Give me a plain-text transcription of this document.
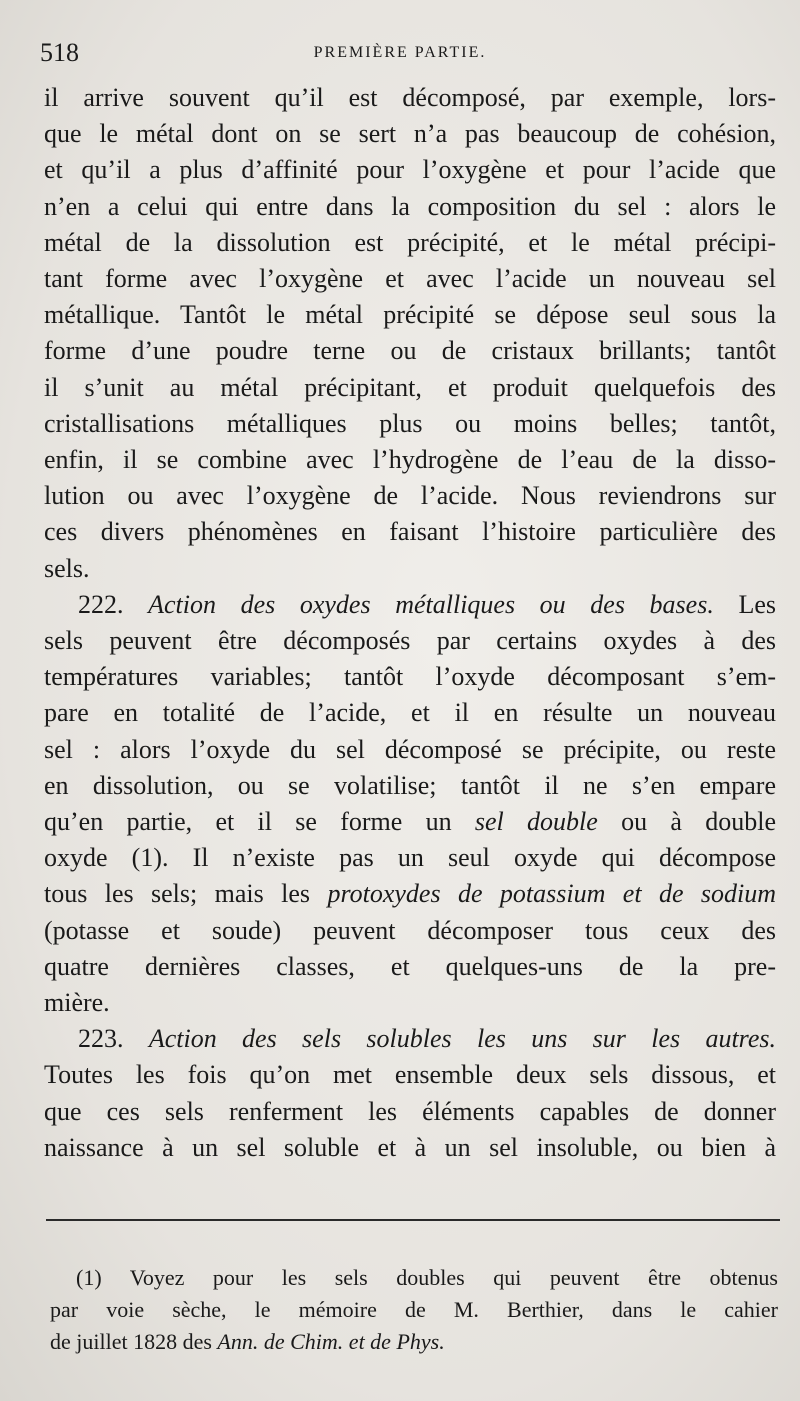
518	PREMIÈRE PARTIE.

il arrive souvent qu’il est décomposé, par exemple, lors-
que le métal dont on se sert n’a pas beaucoup de cohésion,
et qu’il a plus d’affinité pour l’oxygène et pour l’acide que
n’en a celui qui entre dans la composition du sel : alors le
métal de la dissolution est précipité, et le métal précipi-
tant forme avec l’oxygène et avec l’acide un nouveau sel
métallique. Tantôt le métal précipité se dépose seul sous la
forme d’une poudre terne ou de cristaux brillants; tantôt
il s’unit au métal précipitant, et produit quelquefois des
cristallisations métalliques plus ou moins belles; tantôt,
enfin, il se combine avec l’hydrogène de l’eau de la disso-
lution ou avec l’oxygène de l’acide. Nous reviendrons sur
ces divers phénomènes en faisant l’histoire particulière des
sels.

222. Action des oxydes métalliques ou des bases. Les
sels peuvent être décomposés par certains oxydes à des
températures variables; tantôt l’oxyde décomposant s’em-
pare en totalité de l’acide, et il en résulte un nouveau
sel : alors l’oxyde du sel décomposé se précipite, ou reste
en dissolution, ou se volatilise; tantôt il ne s’en empare
qu’en partie, et il se forme un sel double ou à double
oxyde (1). Il n’existe pas un seul oxyde qui décompose
tous les sels; mais les protoxydes de potassium et de sodium
(potasse et soude) peuvent décomposer tous ceux des
quatre dernières classes, et quelques-uns de la pre-
mière.

223. Action des sels solubles les uns sur les autres.
Toutes les fois qu’on met ensemble deux sels dissous, et
que ces sels renferment les éléments capables de donner
naissance à un sel soluble et à un sel insoluble, ou bien à

(1) Voyez pour les sels doubles qui peuvent être obtenus
par voie sèche, le mémoire de M. Berthier, dans le cahier
de juillet 1828 des Ann. de Chim. et de Phys.
